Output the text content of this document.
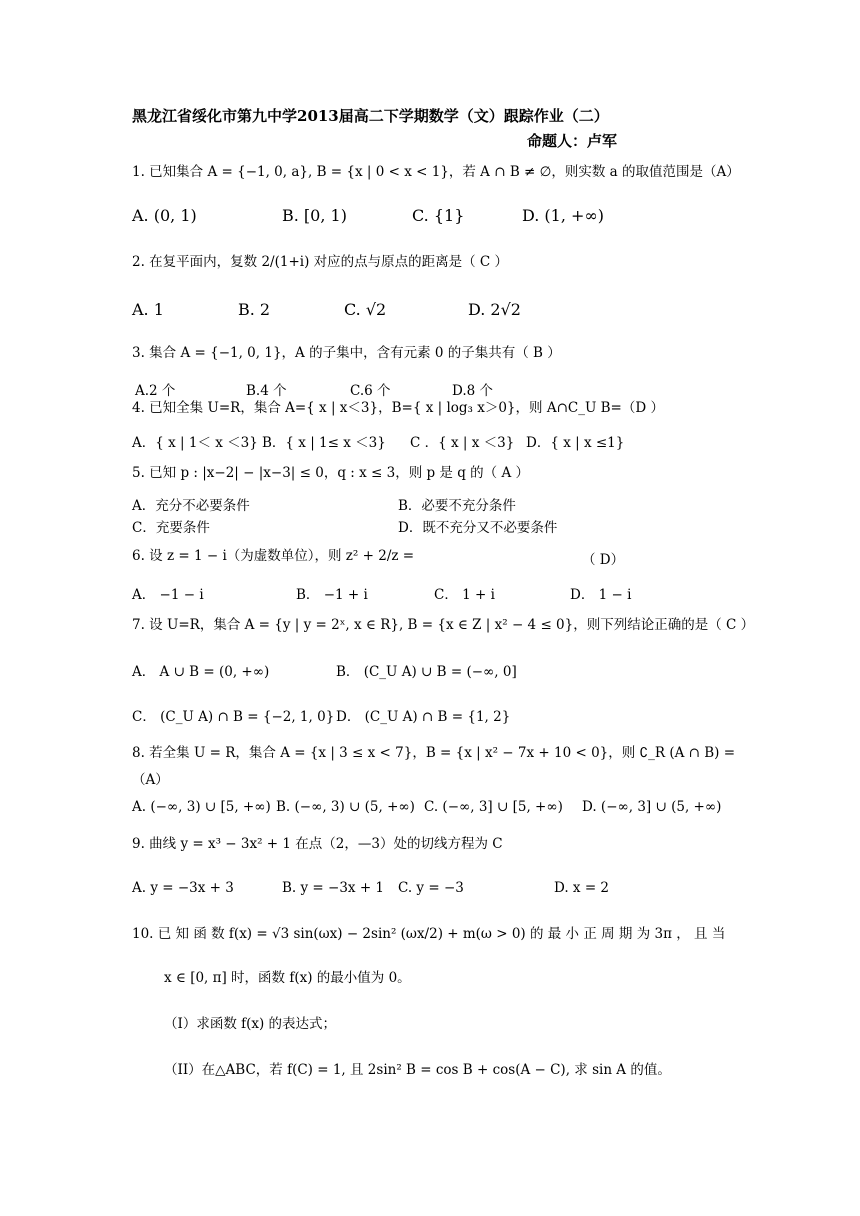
黑龙江省绥化市第九中学2013届高二下学期数学（文）跟踪作业（二）
命题人：卢军
1. 已知集合 A = {−1, 0, a}, B = {x | 0 < x < 1}，若 A ∩ B ≠ ∅，则实数 a 的取值范围是（A）
A. (0, 1)	B. [0, 1)	C. {1}	D. (1, +∞)
2. 在复平面内，复数 2/(1+i) 对应的点与原点的距离是（ C ）
A. 1	B. 2	C. √2	D. 2√2
3. 集合 A = {−1, 0, 1}，A 的子集中，含有元素 0 的子集共有（ B ）
A.2 个	B.4 个	C.6 个	D.8 个
4. 已知全集 U=R，集合 A={ x | x＜3}，B={ x | log₃ x＞0}，则 A∩C_U B=（D ）
A．{ x | 1＜ x ＜3} B．{ x | 1≤ x ＜3} C ．{ x | x ＜3} D．{ x | x ≤1}
5. 已知 p : |x−2| − |x−3| ≤ 0，q : x ≤ 3，则 p 是 q 的（ A ）
A．充分不必要条件	B．必要不充分条件
C．充要条件	D．既不充分又不必要条件
6. 设 z = 1 − i（为虚数单位），则 z² + 2/z =	（ D）
A． −1 − i	B． −1 + i	C． 1 + i	D． 1 − i
7. 设 U=R，集合 A = {y | y = 2ˣ, x ∈ R}, B = {x ∈ Z | x² − 4 ≤ 0}，则下列结论正确的是（ C ）
A． A ∪ B = (0, +∞)	B． (C_U A) ∪ B = (−∞, 0]
C． (C_U A) ∩ B = {−2, 1, 0} D． (C_U A) ∩ B = {1, 2}
8. 若全集 U = R，集合 A = {x | 3 ≤ x < 7}，B = {x | x² − 7x + 10 < 0}，则 ∁_R (A ∩ B) =
（A）
A. (−∞, 3) ∪ [5, +∞) B. (−∞, 3) ∪ (5, +∞) C. (−∞, 3] ∪ [5, +∞) D. (−∞, 3] ∪ (5, +∞)
9. 曲线 y = x³ − 3x² + 1 在点（2，—3）处的切线方程为 C
A. y = −3x + 3	B. y = −3x + 1 C. y = −3	D. x = 2
10. 已 知 函 数 f(x) = √3 sin(ωx) − 2sin² (ωx/2) + m(ω > 0) 的 最 小 正 周 期 为 3π ， 且 当
x ∈ [0, π] 时，函数 f(x) 的最小值为 0。
（I）求函数 f(x) 的表达式；
（II）在△ABC，若 f(C) = 1, 且 2sin² B = cos B + cos(A − C), 求 sin A 的值。
